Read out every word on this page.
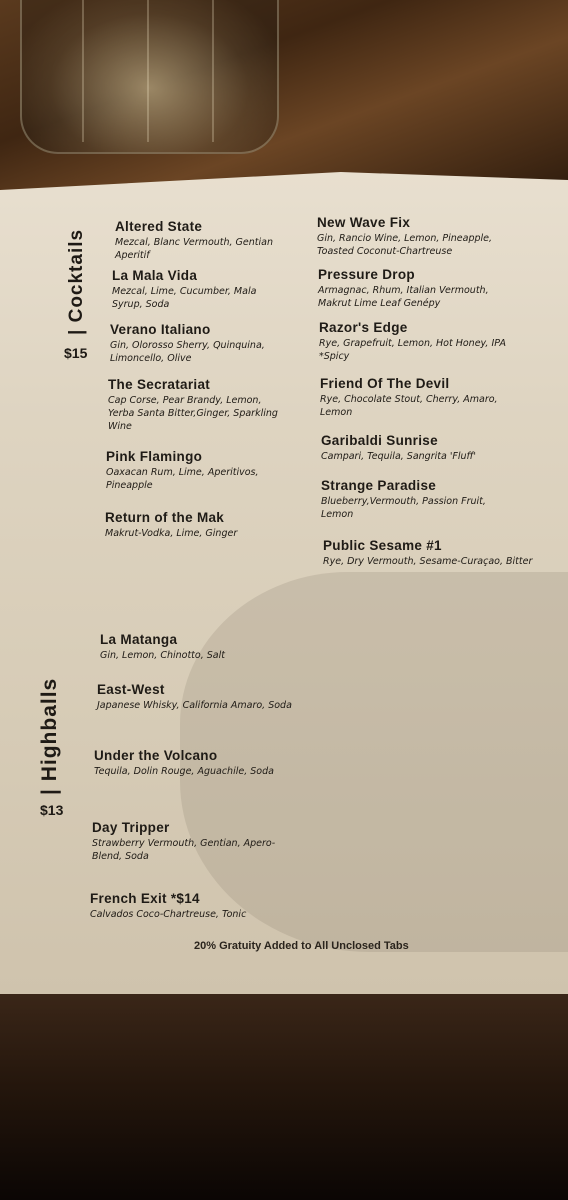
| Cocktails
$15
Altered State
Mezcal, Blanc Vermouth, Gentian Aperitif
La Mala Vida
Mezcal, Lime, Cucumber, Mala Syrup, Soda
Verano Italiano
Gin, Olorosso Sherry, Quinquina, Limoncello, Olive
The Secratariat
Cap Corse, Pear Brandy, Lemon, Yerba Santa Bitter,Ginger, Sparkling Wine
Pink Flamingo
Oaxacan Rum, Lime, Aperitivos, Pineapple
Return of the Mak
Makrut-Vodka, Lime, Ginger
New Wave Fix
Gin, Rancio Wine, Lemon, Pineapple, Toasted Coconut-Chartreuse
Pressure Drop
Armagnac, Rhum, Italian Vermouth, Makrut Lime Leaf Genépy
Razor's Edge
Rye, Grapefruit, Lemon, Hot Honey, IPA *Spicy
Friend Of The Devil
Rye, Chocolate Stout, Cherry, Amaro, Lemon
Garibaldi Sunrise
Campari, Tequila, Sangrita 'Fluff'
Strange Paradise
Blueberry,Vermouth, Passion Fruit, Lemon
Public Sesame #1
Rye, Dry Vermouth, Sesame-Curaçao, Bitter
| Highballs
$13
La Matanga
Gin, Lemon, Chinotto, Salt
East-West
Japanese Whisky, California Amaro, Soda
Under the Volcano
Tequila, Dolin Rouge, Aguachile, Soda
Day Tripper
Strawberry Vermouth, Gentian, Apero-Blend, Soda
French Exit *$14
Calvados Coco-Chartreuse, Tonic
20% Gratuity Added to All Unclosed Tabs
